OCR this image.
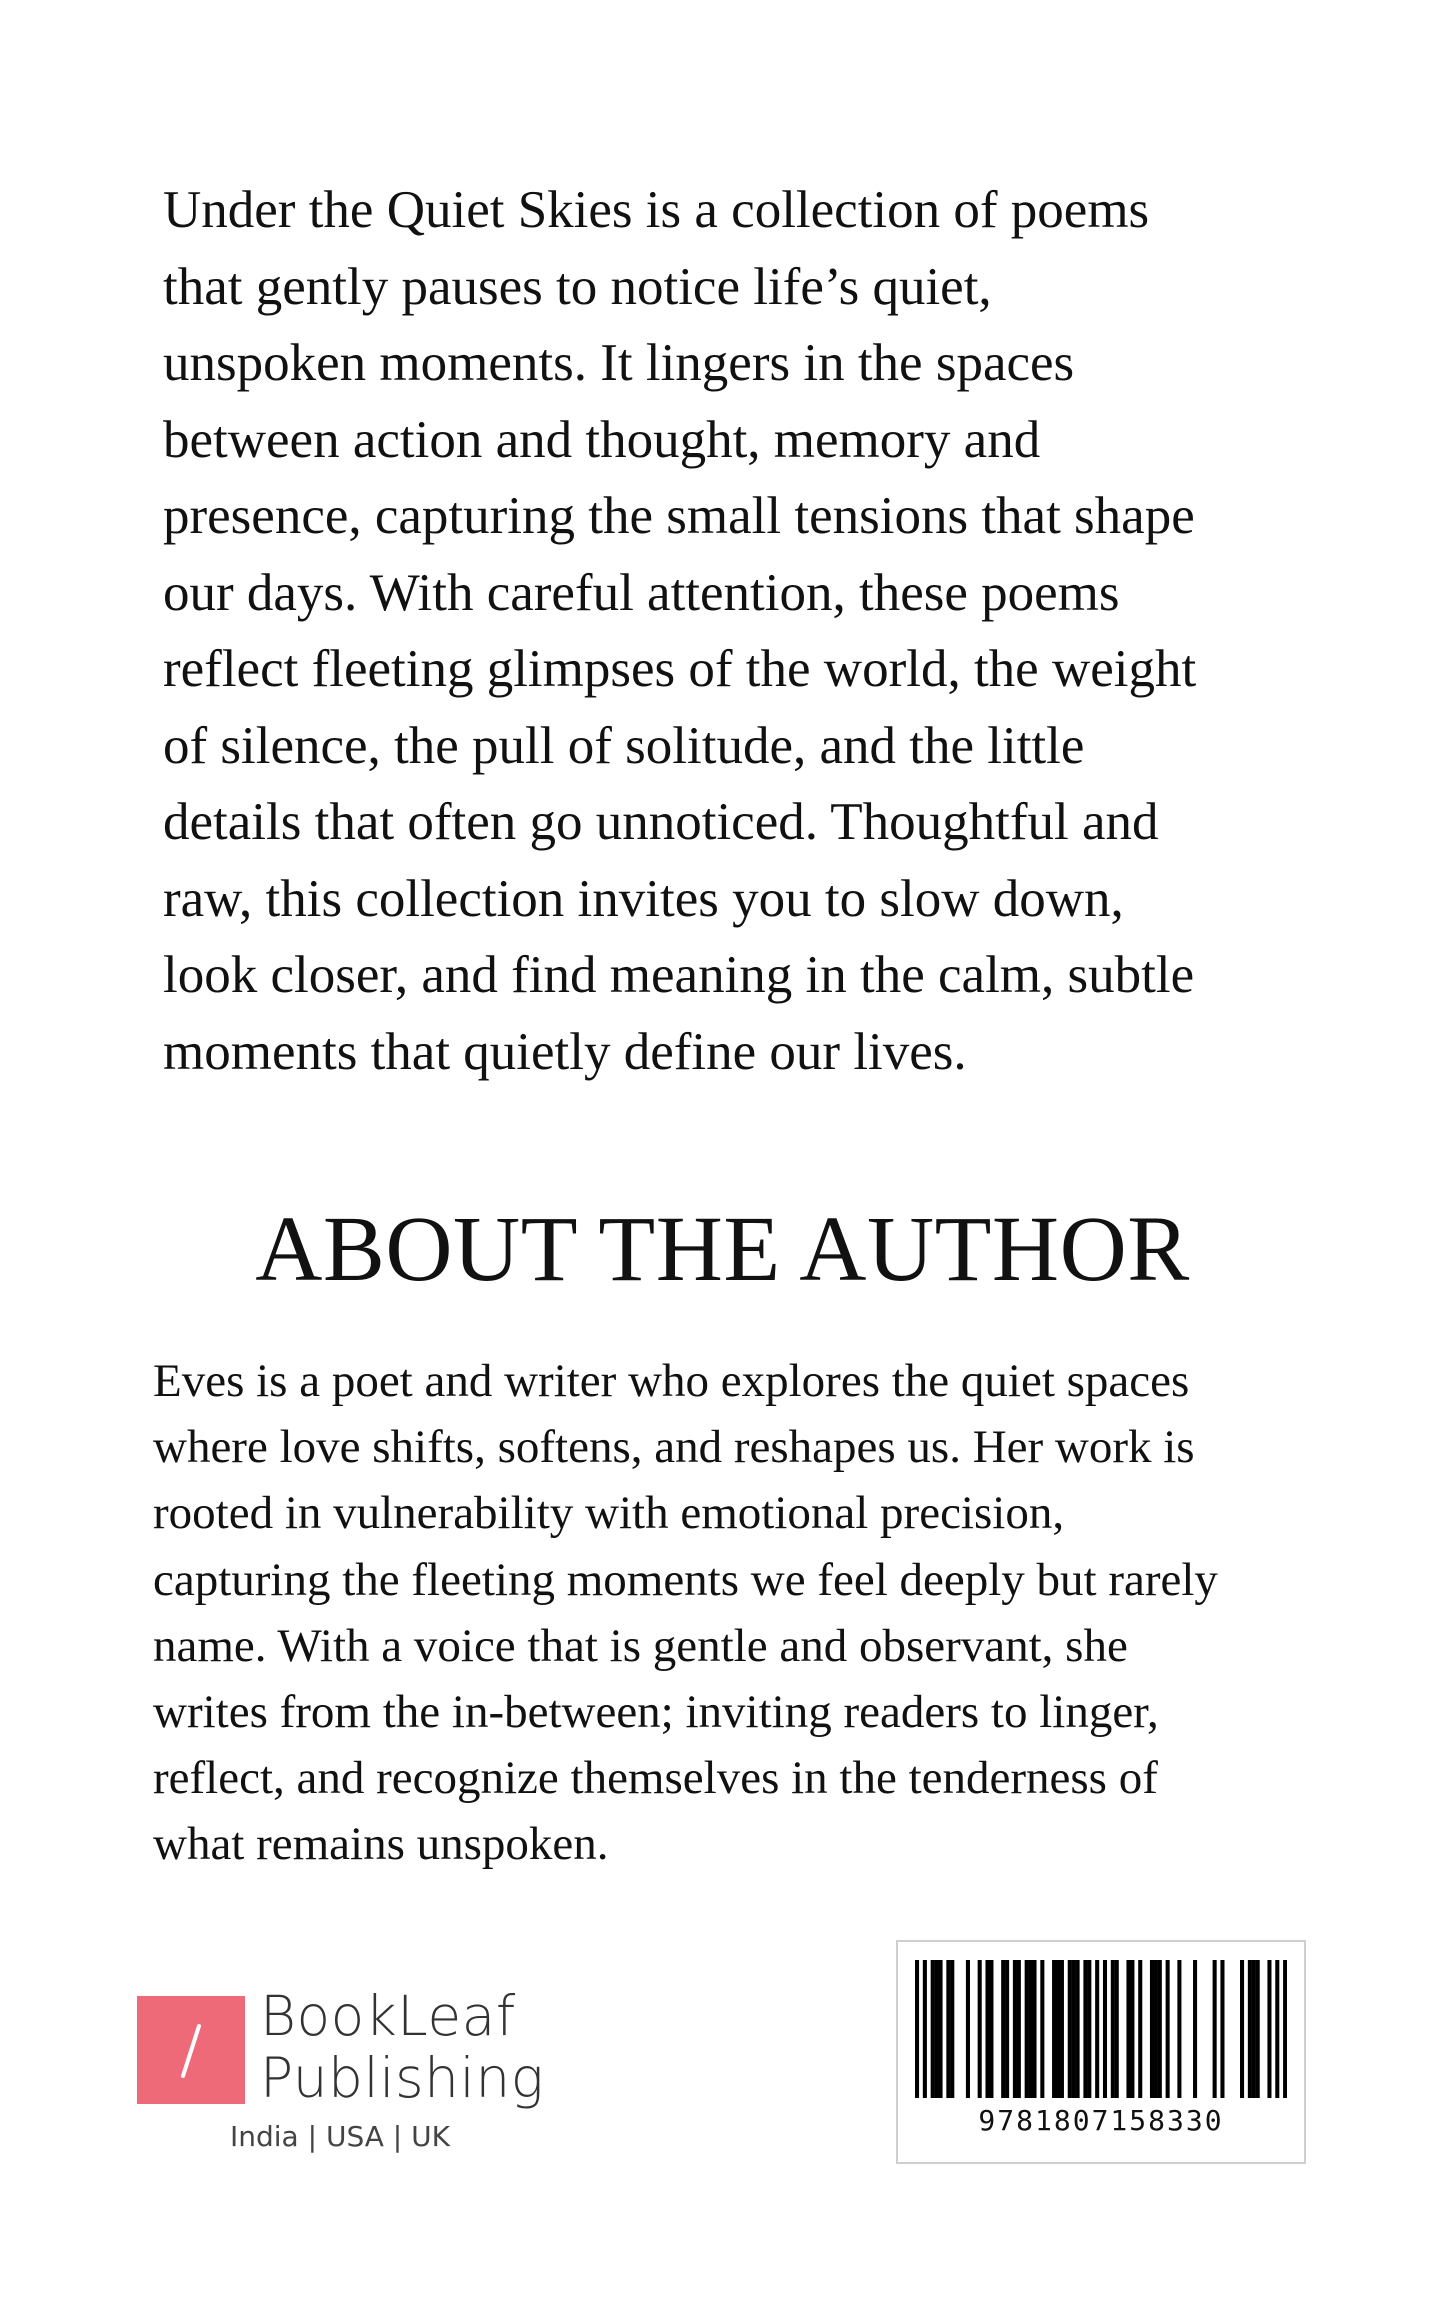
Under the Quiet Skies is a collection of poems
that gently pauses to notice life’s quiet,
unspoken moments. It lingers in the spaces
between action and thought, memory and
presence, capturing the small tensions that shape
our days. With careful attention, these poems
reflect fleeting glimpses of the world, the weight
of silence, the pull of solitude, and the little
details that often go unnoticed. Thoughtful and
raw, this collection invites you to slow down,
look closer, and find meaning in the calm, subtle
moments that quietly define our lives.
ABOUT THE AUTHOR
Eves is a poet and writer who explores the quiet spaces
where love shifts, softens, and reshapes us. Her work is
rooted in vulnerability with emotional precision,
capturing the fleeting moments we feel deeply but rarely
name. With a voice that is gentle and observant, she
writes from the in-between; inviting readers to linger,
reflect, and recognize themselves in the tenderness of
what remains unspoken.
BookLeaf
Publishing
India | USA | UK	9781807158330
